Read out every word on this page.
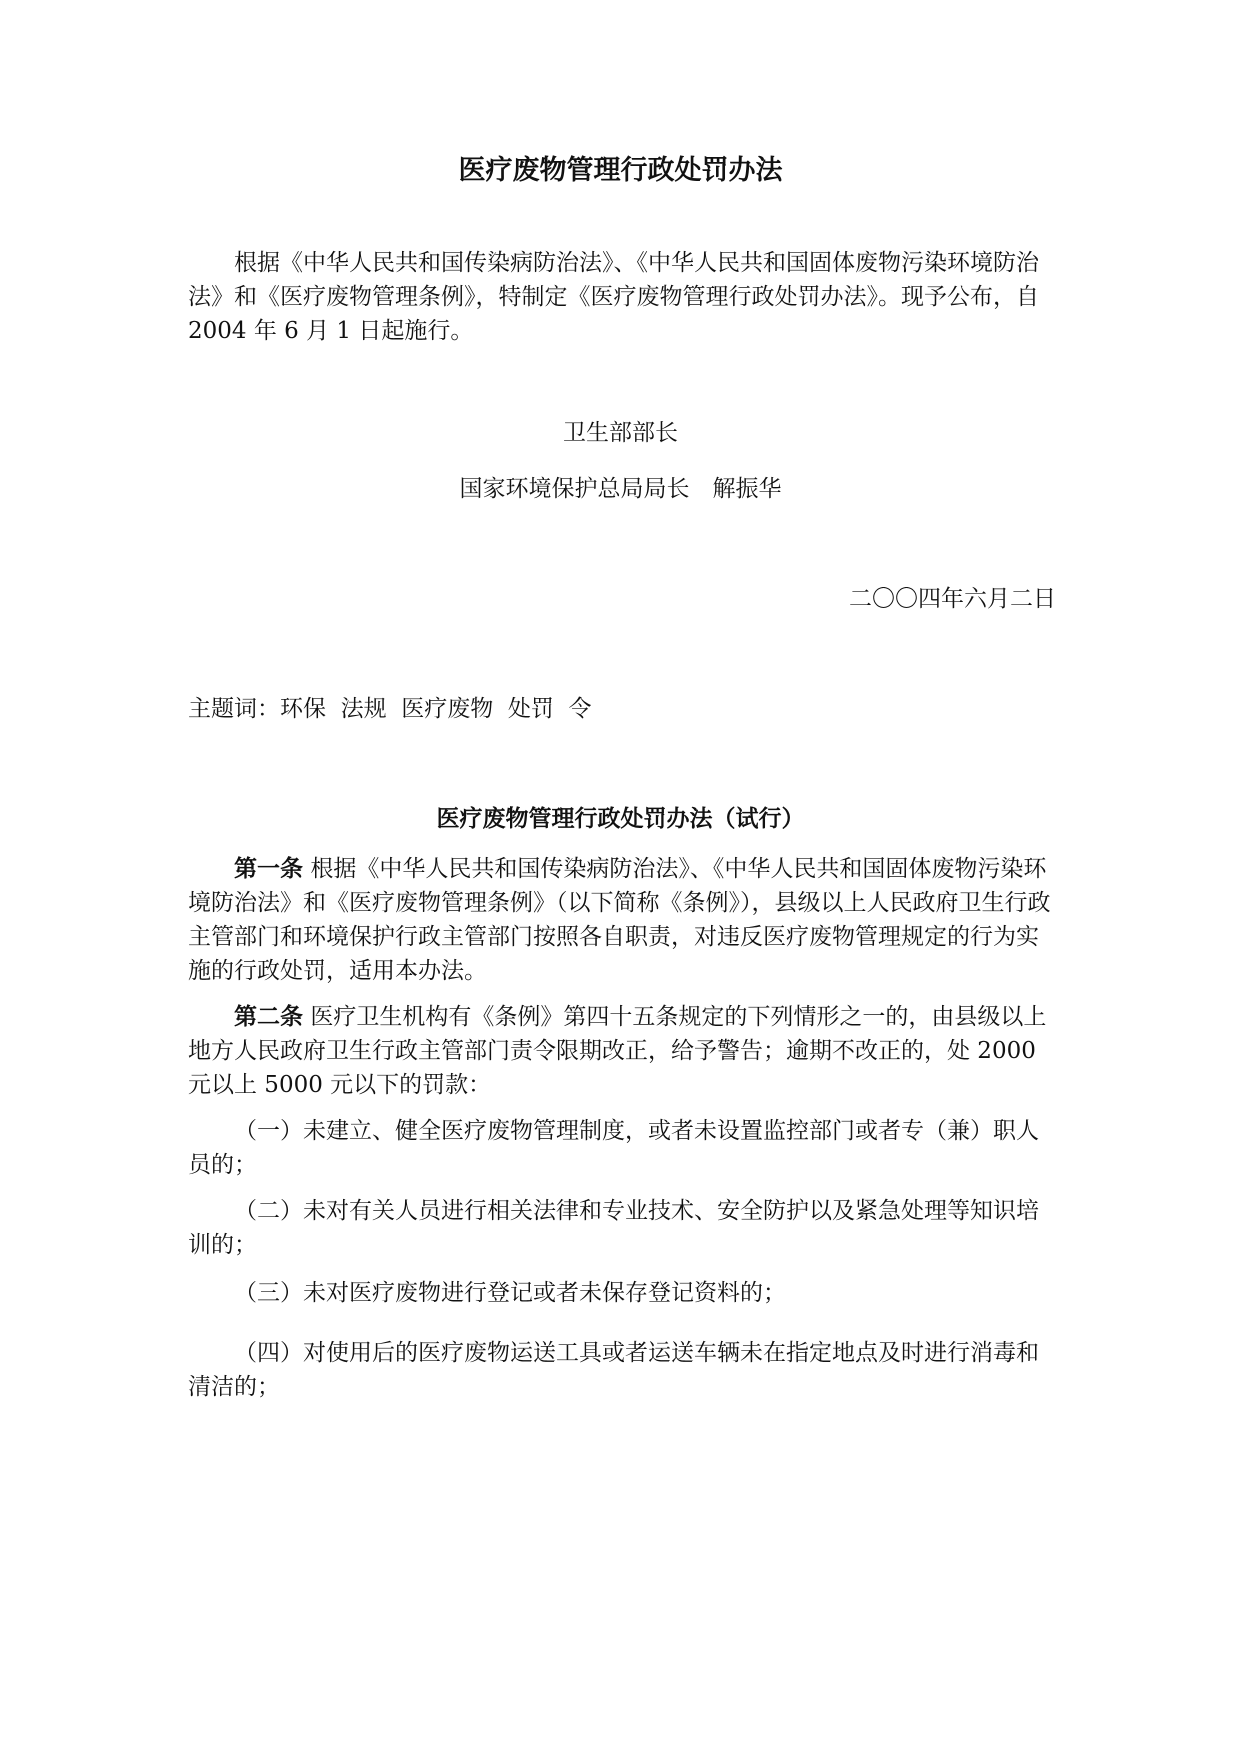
医疗废物管理行政处罚办法

根据《中华人民共和国传染病防治法》、《中华人民共和国固体废物污染环境防治法》和《医疗废物管理条例》，特制定《医疗废物管理行政处罚办法》。现予公布，自 2004 年 6 月 1 日起施行。

卫生部部长

国家环境保护总局局长　解振华

二〇〇四年六月二日

主题词：环保  法规  医疗废物  处罚  令

医疗废物管理行政处罚办法（试行）

第一条 根据《中华人民共和国传染病防治法》、《中华人民共和国固体废物污染环境防治法》和《医疗废物管理条例》（以下简称《条例》），县级以上人民政府卫生行政主管部门和环境保护行政主管部门按照各自职责，对违反医疗废物管理规定的行为实施的行政处罚，适用本办法。

第二条 医疗卫生机构有《条例》第四十五条规定的下列情形之一的，由县级以上地方人民政府卫生行政主管部门责令限期改正，给予警告；逾期不改正的，处 2000 元以上 5000 元以下的罚款：

（一）未建立、健全医疗废物管理制度，或者未设置监控部门或者专（兼）职人员的；

（二）未对有关人员进行相关法律和专业技术、安全防护以及紧急处理等知识培训的；

（三）未对医疗废物进行登记或者未保存登记资料的；

（四）对使用后的医疗废物运送工具或者运送车辆未在指定地点及时进行消毒和清洁的；
